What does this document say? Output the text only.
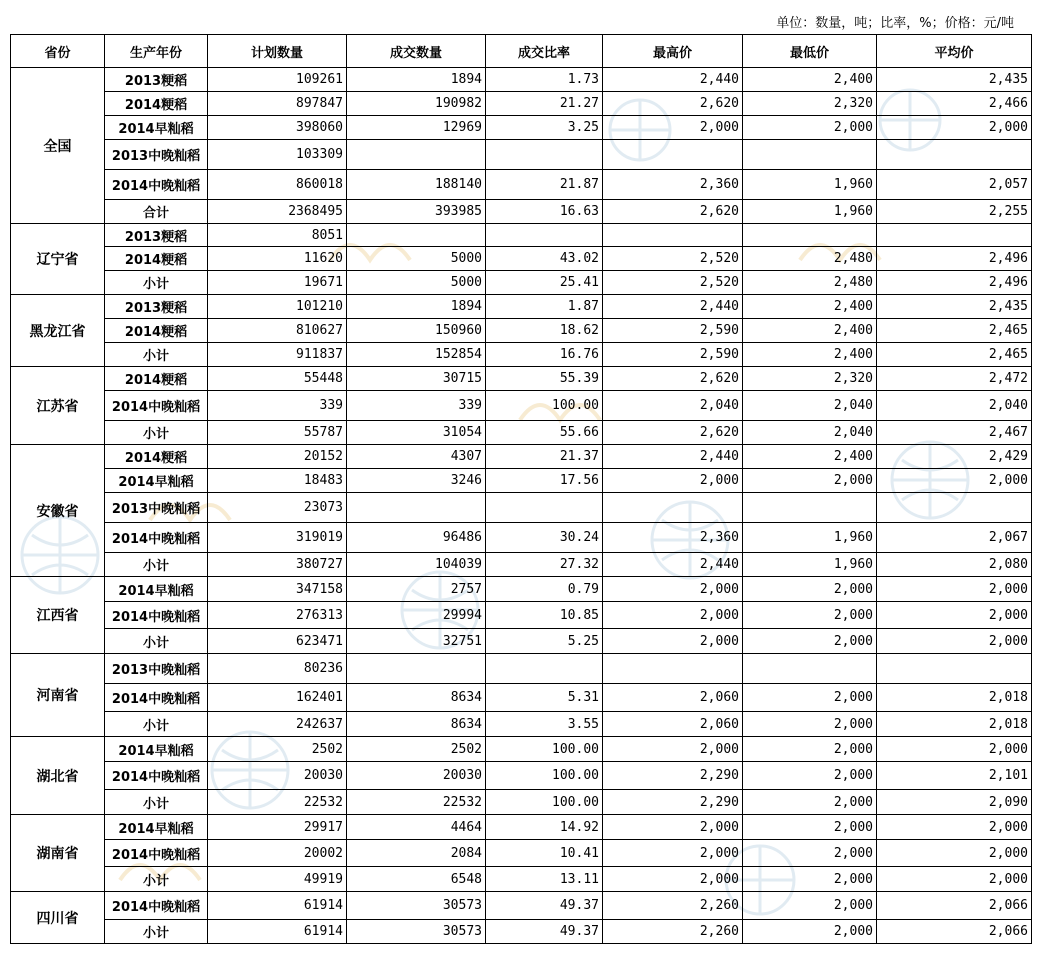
单位：数量，吨；比率，%；价格：元/吨
省份	生产年份	计划数量	成交数量	成交比率	最高价	最低价	平均价
全国	2013粳稻	109261	1894	1.73	2,440	2,400	2,435
	2014粳稻	897847	190982	21.27	2,620	2,320	2,466
	2014早籼稻	398060	12969	3.25	2,000	2,000	2,000
	2013中晚籼稻	103309					
	2014中晚籼稻	860018	188140	21.87	2,360	1,960	2,057
	合计	2368495	393985	16.63	2,620	1,960	2,255
辽宁省	2013粳稻	8051					
	2014粳稻	11620	5000	43.02	2,520	2,480	2,496
	小计	19671	5000	25.41	2,520	2,480	2,496
黑龙江省	2013粳稻	101210	1894	1.87	2,440	2,400	2,435
	2014粳稻	810627	150960	18.62	2,590	2,400	2,465
	小计	911837	152854	16.76	2,590	2,400	2,465
江苏省	2014粳稻	55448	30715	55.39	2,620	2,320	2,472
	2014中晚籼稻	339	339	100.00	2,040	2,040	2,040
	小计	55787	31054	55.66	2,620	2,040	2,467
安徽省	2014粳稻	20152	4307	21.37	2,440	2,400	2,429
	2014早籼稻	18483	3246	17.56	2,000	2,000	2,000
	2013中晚籼稻	23073					
	2014中晚籼稻	319019	96486	30.24	2,360	1,960	2,067
	小计	380727	104039	27.32	2,440	1,960	2,080
江西省	2014早籼稻	347158	2757	0.79	2,000	2,000	2,000
	2014中晚籼稻	276313	29994	10.85	2,000	2,000	2,000
	小计	623471	32751	5.25	2,000	2,000	2,000
河南省	2013中晚籼稻	80236					
	2014中晚籼稻	162401	8634	5.31	2,060	2,000	2,018
	小计	242637	8634	3.55	2,060	2,000	2,018
湖北省	2014早籼稻	2502	2502	100.00	2,000	2,000	2,000
	2014中晚籼稻	20030	20030	100.00	2,290	2,000	2,101
	小计	22532	22532	100.00	2,290	2,000	2,090
湖南省	2014早籼稻	29917	4464	14.92	2,000	2,000	2,000
	2014中晚籼稻	20002	2084	10.41	2,000	2,000	2,000
	小计	49919	6548	13.11	2,000	2,000	2,000
四川省	2014中晚籼稻	61914	30573	49.37	2,260	2,000	2,066
	小计	61914	30573	49.37	2,260	2,000	2,066
